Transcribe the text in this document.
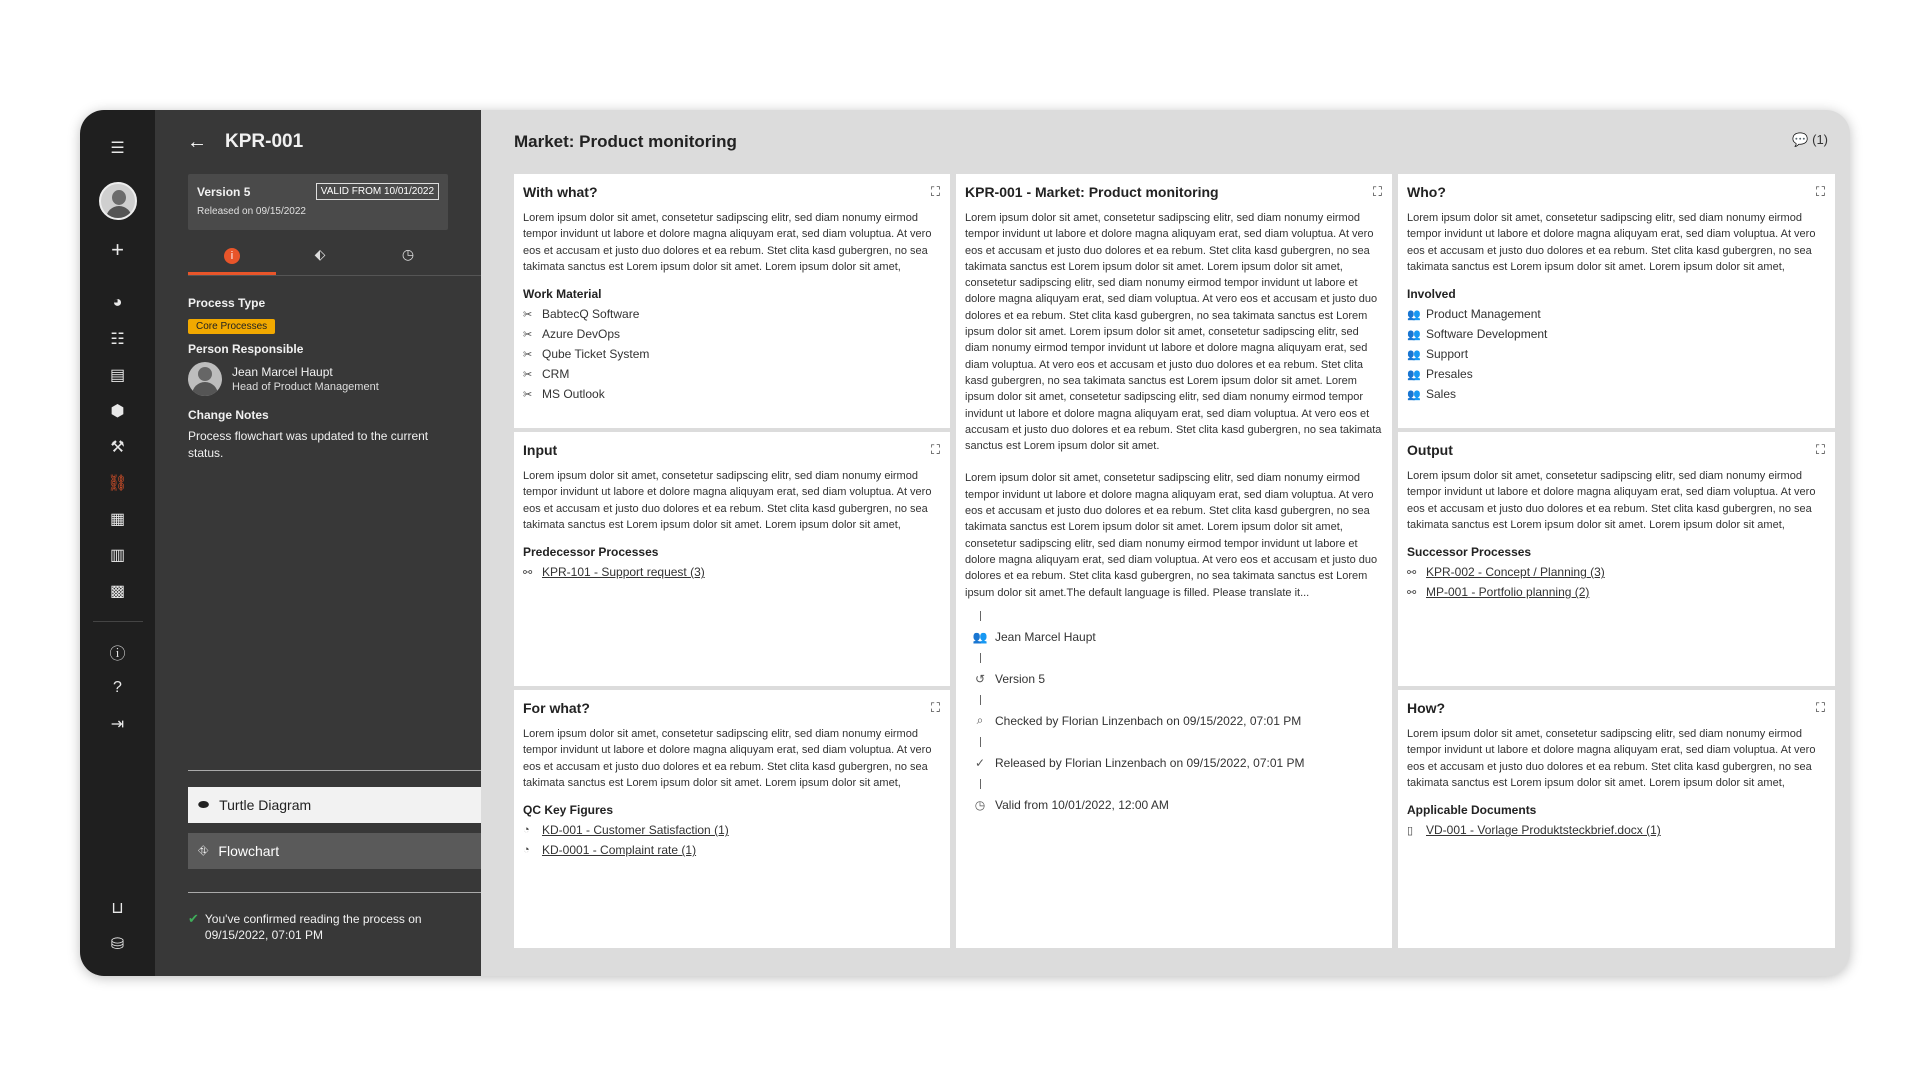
☰
+
◕
☷
▤
⬢
⚒
⛓
▦
▥
▩
ⓘ
?
⇥
⊔
⛁
← KPR-001
Version 5	VALID FROM 10/01/2022
Released on 09/15/2022
i	⬖	◷
Process Type
Core Processes
Person Responsible
Jean Marcel Haupt
Head of Product Management
Change Notes
Process flowchart was updated to the current status.
⬬ Turtle Diagram
⛗ Flowchart
✔ You've confirmed reading the process on 09/15/2022, 07:01 PM
Market: Product monitoring	💬 (1)
With what?	⛶
Lorem ipsum dolor sit amet, consetetur sadipscing elitr, sed diam nonumy eirmod tempor invidunt ut labore et dolore magna aliquyam erat, sed diam voluptua. At vero eos et accusam et justo duo dolores et ea rebum. Stet clita kasd gubergren, no sea takimata sanctus est Lorem ipsum dolor sit amet. Lorem ipsum dolor sit amet,
Work Material
✂ BabtecQ Software
✂ Azure DevOps
✂ Qube Ticket System
✂ CRM
✂ MS Outlook
Input	⛶
Lorem ipsum dolor sit amet, consetetur sadipscing elitr, sed diam nonumy eirmod tempor invidunt ut labore et dolore magna aliquyam erat, sed diam voluptua. At vero eos et accusam et justo duo dolores et ea rebum. Stet clita kasd gubergren, no sea takimata sanctus est Lorem ipsum dolor sit amet. Lorem ipsum dolor sit amet,
Predecessor Processes
⚯ KPR-101 - Support request (3)
For what?	⛶
Lorem ipsum dolor sit amet, consetetur sadipscing elitr, sed diam nonumy eirmod tempor invidunt ut labore et dolore magna aliquyam erat, sed diam voluptua. At vero eos et accusam et justo duo dolores et ea rebum. Stet clita kasd gubergren, no sea takimata sanctus est Lorem ipsum dolor sit amet. Lorem ipsum dolor sit amet,
QC Key Figures
◔	KD-001 - Customer Satisfaction (1)
◔	KD-0001 - Complaint rate (1)
KPR-001 - Market: Product monitoring	⛶
Lorem ipsum dolor sit amet, consetetur sadipscing elitr, sed diam nonumy eirmod tempor invidunt ut labore et dolore magna aliquyam erat, sed diam voluptua. At vero eos et accusam et justo duo dolores et ea rebum. Stet clita kasd gubergren, no sea takimata sanctus est Lorem ipsum dolor sit amet. Lorem ipsum dolor sit amet, consetetur sadipscing elitr, sed diam nonumy eirmod tempor invidunt ut labore et dolore magna aliquyam erat, sed diam voluptua. At vero eos et accusam et justo duo dolores et ea rebum. Stet clita kasd gubergren, no sea takimata sanctus est Lorem ipsum dolor sit amet. Lorem ipsum dolor sit amet, consetetur sadipscing elitr, sed diam nonumy eirmod tempor invidunt ut labore et dolore magna aliquyam erat, sed diam voluptua. At vero eos et accusam et justo duo dolores et ea rebum. Stet clita kasd gubergren, no sea takimata sanctus est Lorem ipsum dolor sit amet. Lorem ipsum dolor sit amet, consetetur sadipscing elitr, sed diam nonumy eirmod tempor invidunt ut labore et dolore magna aliquyam erat, sed diam voluptua. At vero eos et accusam et justo duo dolores et ea rebum. Stet clita kasd gubergren, no sea takimata sanctus est Lorem ipsum dolor sit amet.
Lorem ipsum dolor sit amet, consetetur sadipscing elitr, sed diam nonumy eirmod tempor invidunt ut labore et dolore magna aliquyam erat, sed diam voluptua. At vero eos et accusam et justo duo dolores et ea rebum. Stet clita kasd gubergren, no sea takimata sanctus est Lorem ipsum dolor sit amet. Lorem ipsum dolor sit amet, consetetur sadipscing elitr, sed diam nonumy eirmod tempor invidunt ut labore et dolore magna aliquyam erat, sed diam voluptua. At vero eos et accusam et justo duo dolores et ea rebum. Stet clita kasd gubergren, no sea takimata sanctus est Lorem ipsum dolor sit amet.The default language is filled. Please translate it...
👥 Jean Marcel Haupt
↺ Version 5
⌕ Checked by Florian Linzenbach on 09/15/2022, 07:01 PM
✓ Released by Florian Linzenbach on 09/15/2022, 07:01 PM
◷ Valid from 10/01/2022, 12:00 AM
Who?	⛶
Lorem ipsum dolor sit amet, consetetur sadipscing elitr, sed diam nonumy eirmod tempor invidunt ut labore et dolore magna aliquyam erat, sed diam voluptua. At vero eos et accusam et justo duo dolores et ea rebum. Stet clita kasd gubergren, no sea takimata sanctus est Lorem ipsum dolor sit amet. Lorem ipsum dolor sit amet,
Involved
👥 Product Management
👥 Software Development
👥 Support
👥 Presales
👥 Sales
Output	⛶
Lorem ipsum dolor sit amet, consetetur sadipscing elitr, sed diam nonumy eirmod tempor invidunt ut labore et dolore magna aliquyam erat, sed diam voluptua. At vero eos et accusam et justo duo dolores et ea rebum. Stet clita kasd gubergren, no sea takimata sanctus est Lorem ipsum dolor sit amet. Lorem ipsum dolor sit amet,
Successor Processes
⚯ KPR-002 - Concept / Planning (3)
⚯ MP-001 - Portfolio planning (2)
How?	⛶
Lorem ipsum dolor sit amet, consetetur sadipscing elitr, sed diam nonumy eirmod tempor invidunt ut labore et dolore magna aliquyam erat, sed diam voluptua. At vero eos et accusam et justo duo dolores et ea rebum. Stet clita kasd gubergren, no sea takimata sanctus est Lorem ipsum dolor sit amet. Lorem ipsum dolor sit amet,
Applicable Documents
▯	VD-001 - Vorlage Produktsteckbrief.docx (1)
